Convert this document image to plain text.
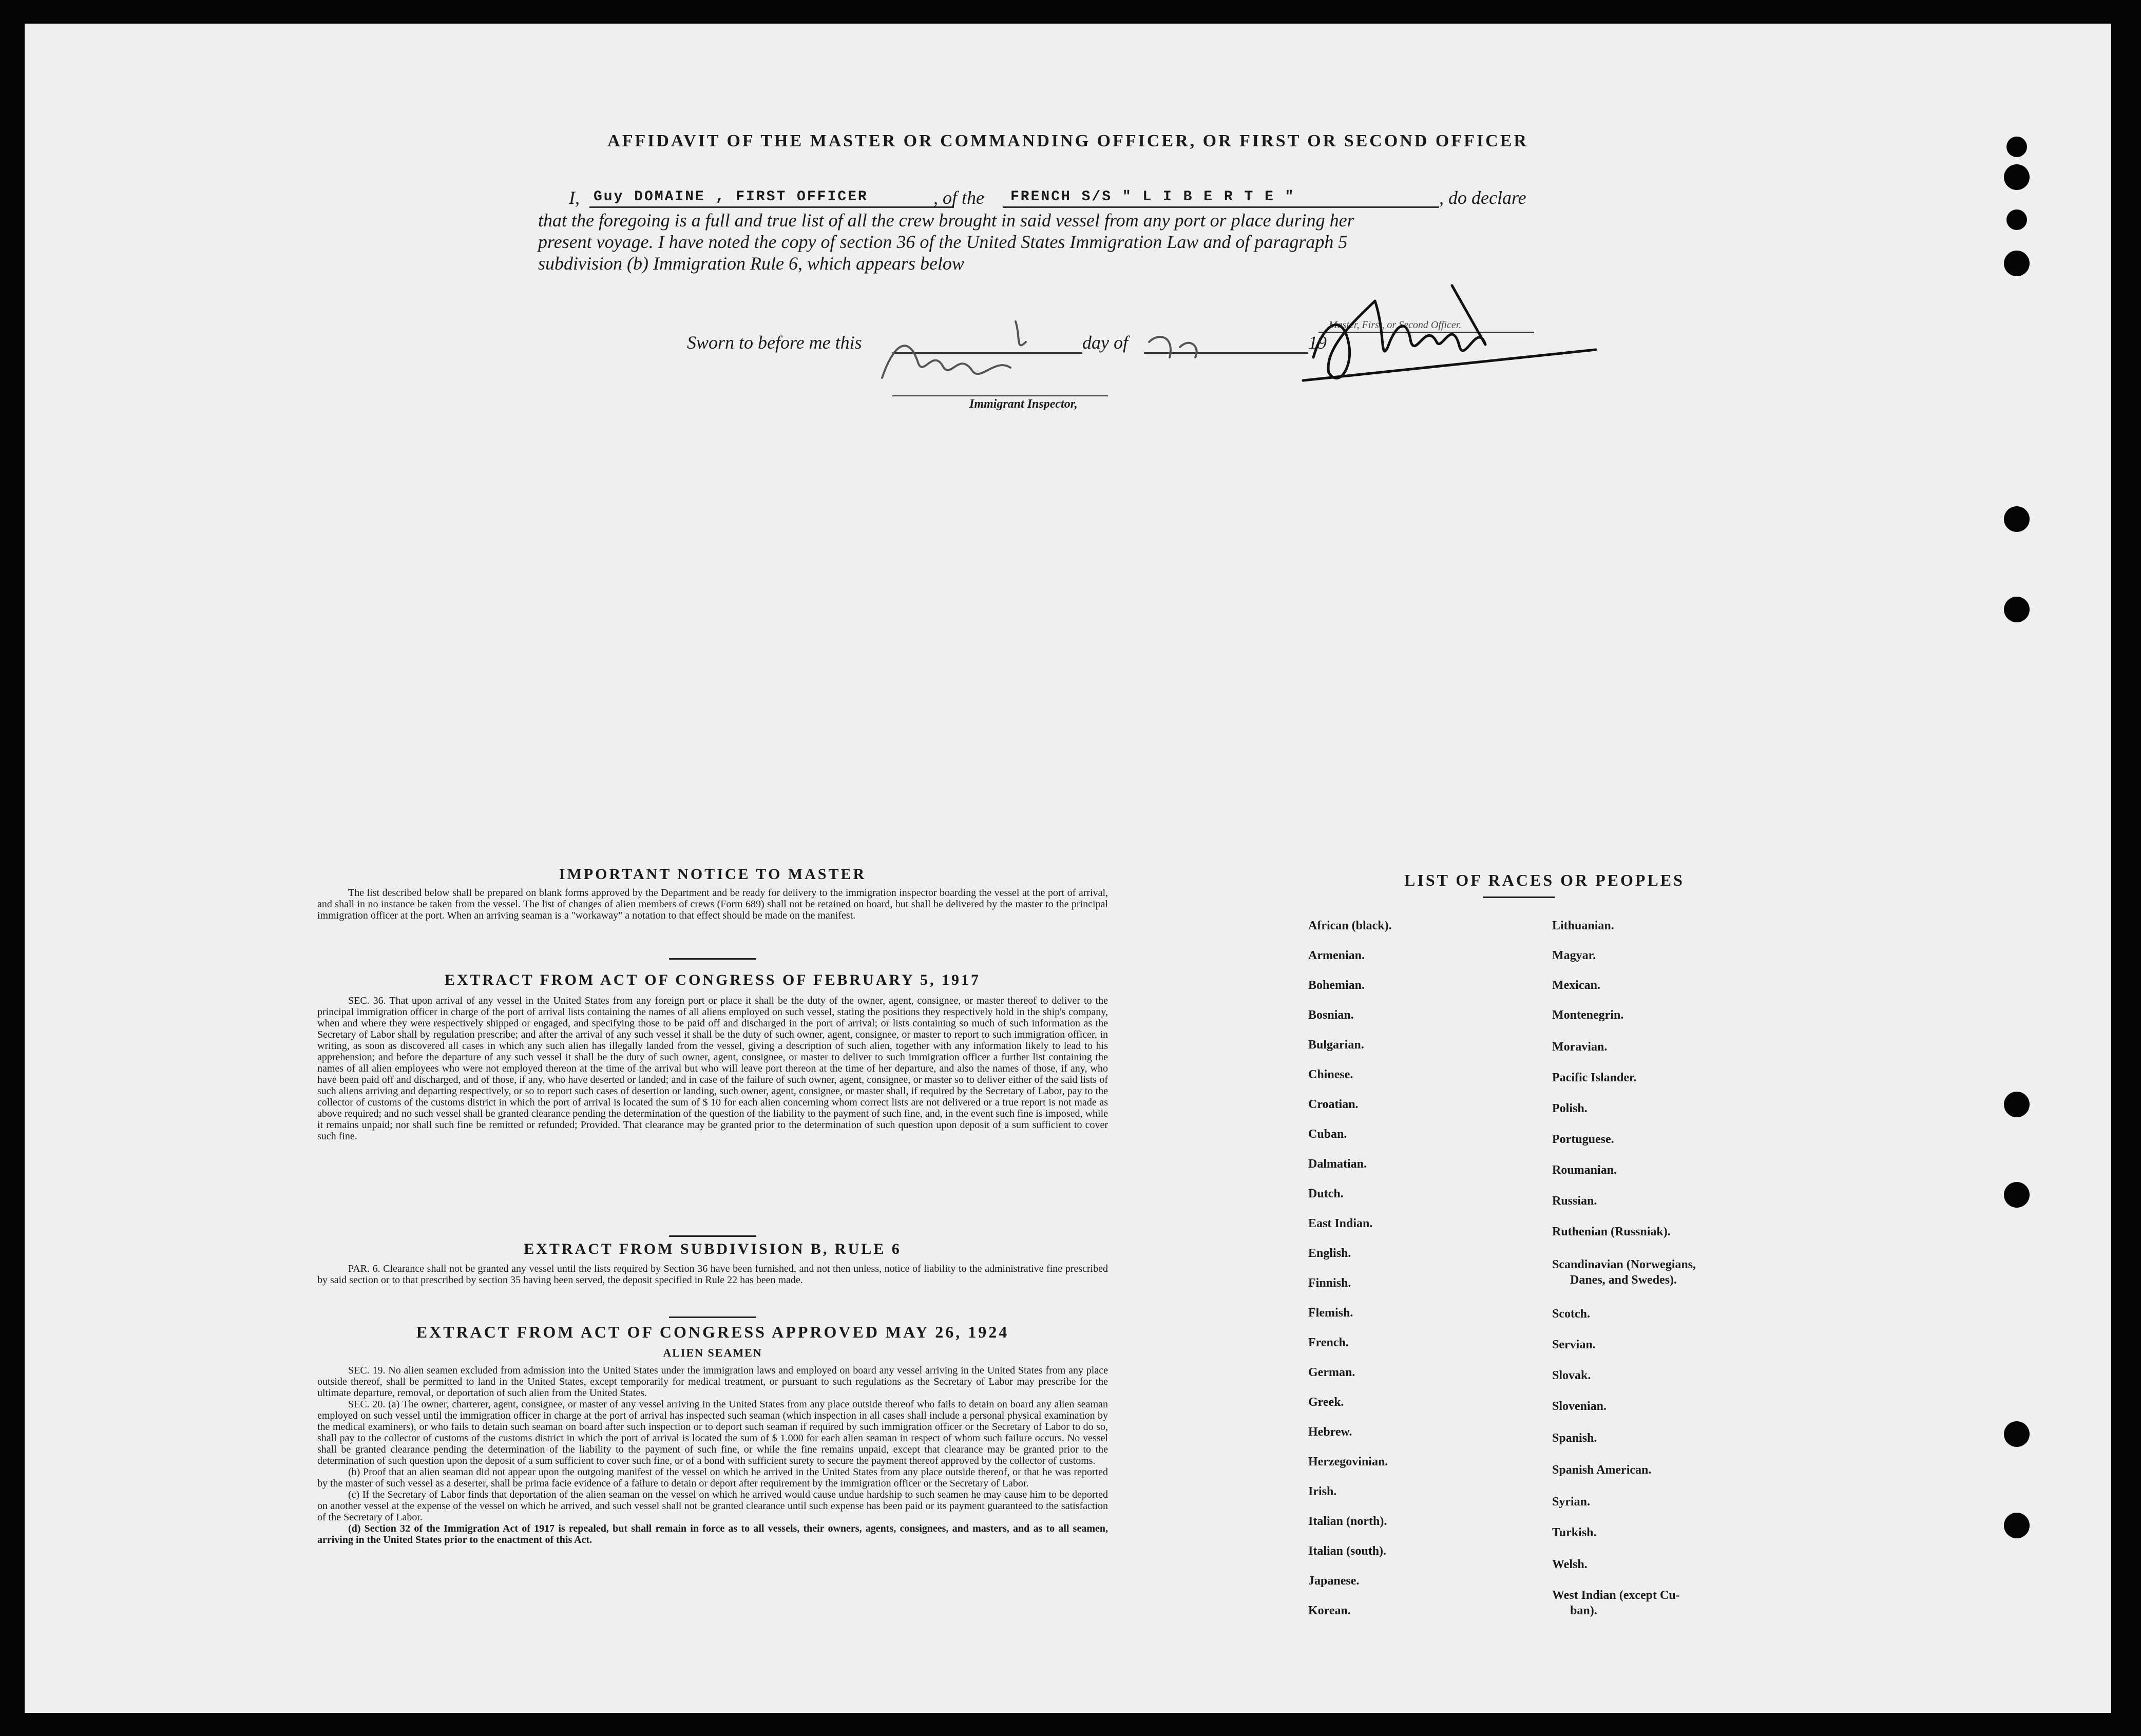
AFFIDAVIT OF THE MASTER OR COMMANDING OFFICER, OR FIRST OR SECOND OFFICER
I, Guy DOMAINE , FIRST OFFICER	, of the FRENCH S/S " L I B E R T E "	, do declare
that the foregoing is a full and true list of all the crew brought in said vessel from any port or place during her
present voyage. I have noted the copy of section 36 of the United States Immigration Law and of paragraph 5
subdivision (b) Immigration Rule 6, which appears below
Master, First, or Second Officer.
Sworn to before me this	day of	19
Immigrant Inspector,
IMPORTANT NOTICE TO MASTER

The list described below shall be prepared on blank forms approved by the Department and be ready for delivery to the immigration inspector boarding the vessel at the port of arrival, and shall in no instance be taken from the vessel. The list of changes of alien members of crews (Form 689) shall not be retained on board, but shall be delivered by the master to the principal immigration officer at the port. When an arriving seaman is a "workaway" a notation to that effect should be made on the manifest.

EXTRACT FROM ACT OF CONGRESS OF FEBRUARY 5, 1917

SEC. 36. That upon arrival of any vessel in the United States from any foreign port or place it shall be the duty of the owner, agent, consignee, or master thereof to deliver to the principal immigration officer in charge of the port of arrival lists containing the names of all aliens employed on such vessel, stating the positions they respectively hold in the ship's company, when and where they were respectively shipped or engaged, and specifying those to be paid off and discharged in the port of arrival; or lists containing so much of such information as the Secretary of Labor shall by regulation prescribe; and after the arrival of any such vessel it shall be the duty of such owner, agent, consignee, or master to report to such immigration officer, in writing, as soon as discovered all cases in which any such alien has illegally landed from the vessel, giving a description of such alien, together with any information likely to lead to his apprehension; and before the departure of any such vessel it shall be the duty of such owner, agent, consignee, or master to deliver to such immigration officer a further list containing the names of all alien employees who were not employed thereon at the time of the arrival but who will leave port thereon at the time of her departure, and also the names of those, if any, who have been paid off and discharged, and of those, if any, who have deserted or landed; and in case of the failure of such owner, agent, consignee, or master so to deliver either of the said lists of such aliens arriving and departing respectively, or so to report such cases of desertion or landing, such owner, agent, consignee, or master shall, if required by the Secretary of Labor, pay to the collector of customs of the customs district in which the port of arrival is located the sum of $ 10 for each alien concerning whom correct lists are not delivered or a true report is not made as above required; and no such vessel shall be granted clearance pending the determination of the question of the liability to the payment of such fine, and, in the event such fine is imposed, while it remains unpaid; nor shall such fine be remitted or refunded; Provided. That clearance may be granted prior to the determination of such question upon deposit of a sum sufficient to cover such fine.

EXTRACT FROM SUBDIVISION B, RULE 6

PAR. 6. Clearance shall not be granted any vessel until the lists required by Section 36 have been furnished, and not then unless, notice of liability to the administrative fine prescribed by said section or to that prescribed by section 35 having been served, the deposit specified in Rule 22 has been made.

EXTRACT FROM ACT OF CONGRESS APPROVED MAY 26, 1924
ALIEN SEAMEN

SEC. 19. No alien seamen excluded from admission into the United States under the immigration laws and employed on board any vessel arriving in the United States from any place outside thereof, shall be permitted to land in the United States, except temporarily for medical treatment, or pursuant to such regulations as the Secretary of Labor may prescribe for the ultimate departure, removal, or deportation of such alien from the United States.

SEC. 20. (a) The owner, charterer, agent, consignee, or master of any vessel arriving in the United States from any place outside thereof who fails to detain on board any alien seaman employed on such vessel until the immigration officer in charge at the port of arrival has inspected such seaman (which inspection in all cases shall include a personal physical examination by the medical examiners), or who fails to detain such seaman on board after such inspection or to deport such seaman if required by such immigration officer or the Secretary of Labor to do so, shall pay to the collector of customs of the customs district in which the port of arrival is located the sum of $ 1.000 for each alien seaman in respect of whom such failure occurs. No vessel shall be granted clearance pending the determination of the liability to the payment of such fine, or while the fine remains unpaid, except that clearance may be granted prior to the determination of such question upon the deposit of a sum sufficient to cover such fine, or of a bond with sufficient surety to secure the payment thereof approved by the collector of customs.

(b) Proof that an alien seaman did not appear upon the outgoing manifest of the vessel on which he arrived in the United States from any place outside thereof, or that he was reported by the master of such vessel as a deserter, shall be prima facie evidence of a failure to detain or deport after requirement by the immigration officer or the Secretary of Labor.

(c) If the Secretary of Labor finds that deportation of the alien seaman on the vessel on which he arrived would cause undue hardship to such seamen he may cause him to be deported on another vessel at the expense of the vessel on which he arrived, and such vessel shall not be granted clearance until such expense has been paid or its payment guaranteed to the satisfaction of the Secretary of Labor.

(d) Section 32 of the Immigration Act of 1917 is repealed, but shall remain in force as to all vessels, their owners, agents, consignees, and masters, and as to all seamen, arriving in the United States prior to the enactment of this Act.

LIST OF RACES OR PEOPLES
African (black).
Armenian.
Bohemian.
Bosnian.
Bulgarian.
Chinese.
Croatian.
Cuban.
Dalmatian.
Dutch.
East Indian.
English.
Finnish.
Flemish.
French.
German.
Greek.
Hebrew.
Herzegovinian.
Irish.
Italian (north).
Italian (south).
Japanese.
Korean.
Lithuanian.
Magyar.
Mexican.
Montenegrin.
Moravian.
Pacific Islander.
Polish.
Portuguese.
Roumanian.
Russian.
Ruthenian (Russniak).
Scandinavian (Norwegians,
Danes, and Swedes).
Scotch.
Servian.
Slovak.
Slovenian.
Spanish.
Spanish American.
Syrian.
Turkish.
Welsh.
West Indian (except Cu-
ban).
